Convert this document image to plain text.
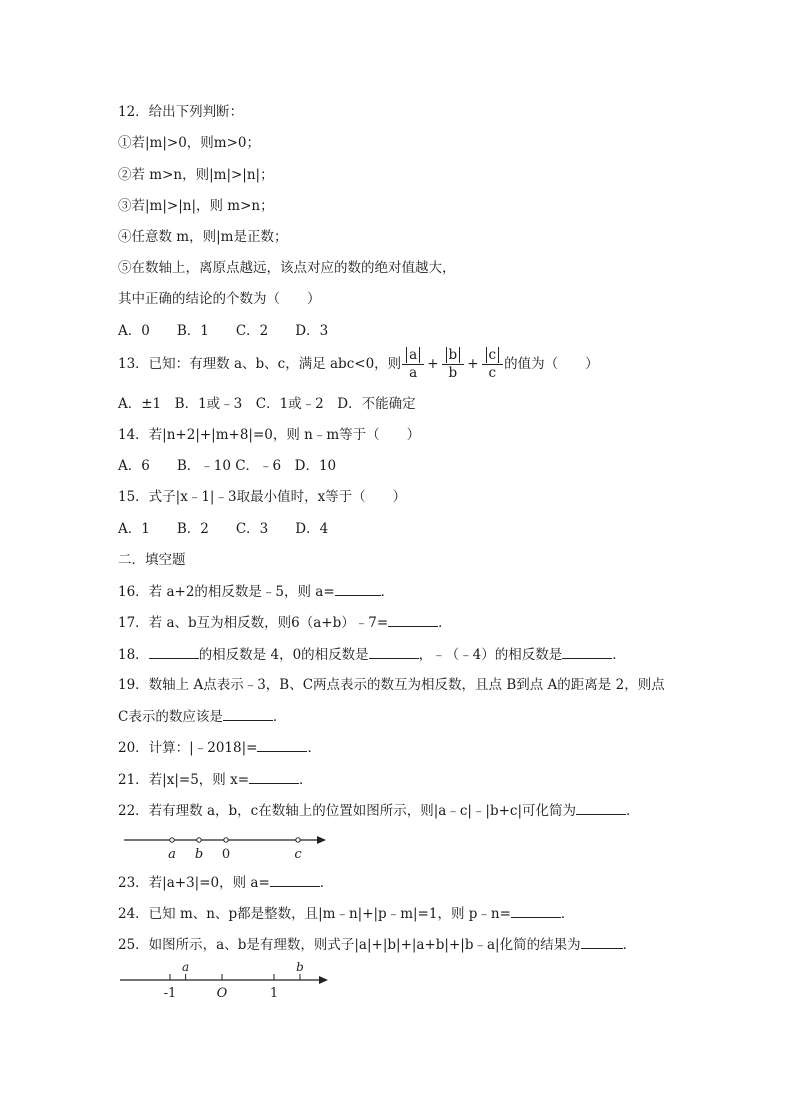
12．给出下列判断：
①若|m|>0，则m>0；
②若 m>n，则|m|>|n|；
③若|m|>|n|，则 m>n；
④任意数 m，则|m是正数；
⑤在数轴上，离原点越远，该点对应的数的绝对值越大，
其中正确的结论的个数为（　　）
A．0　　B．1　　C．2　　D．3
13．已知：有理数 a、b、c，满足 abc<0，则 $\frac{a}{a} + \frac{b}{b} + \frac{c}{c}$ 的值为（　　）
A．±1　B．1或﹣3　C．1或﹣2　D．不能确定
14．若|n+2|+|m+8|=0，则 n﹣m等于（　　）
A．6　　B．﹣10 C．﹣6　D．10
15．式子|x﹣1|﹣3取最小值时，x等于（　　）
A．1　　B．2　　C．3　　D．4
二．填空题
16．若 a+2的相反数是﹣5，则 a=	．
17．若 a、b互为相反数，则6（a+b）﹣7=	．
18．	的相反数是 4，0的相反数是	，﹣（﹣4）的相反数是	．
19．数轴上 A点表示﹣3，B、C两点表示的数互为相反数，且点 B到点 A的距离是 2，则点
C表示的数应该是	．
20．计算：|﹣2018|=	．
21．若|x|=5，则 x=	．
22．若有理数 a，b，c在数轴上的位置如图所示，则|a﹣c|﹣|b+c|可化简为	．
a b 0	c
23．若|a+3|=0，则 a=	．
24．已知 m、n、p都是整数，且|m﹣n|+|p﹣m|=1，则 p﹣n=	．
25．如图所示，a、b是有理数，则式子|a|+|b|+|a+b|+|b﹣a|化简的结果为	．
-1	O	1
a	b
